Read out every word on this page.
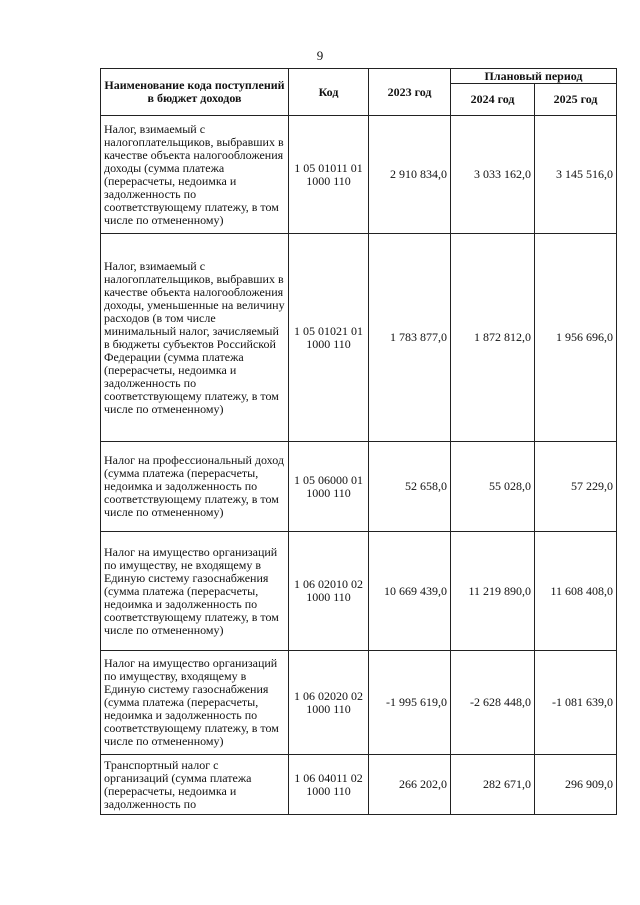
9
Наименование кода поступлений в бюджет доходов	Код	2023 год	Плановый период	
			2024 год	2025 год
Налог, взимаемый с налогоплательщиков, выбравших в качестве объекта налогообложения доходы (сумма платежа (перерасчеты, недоимка и задолженность по соответствующему платежу, в том числе по отмененному)	1 05 01011 01 1000 110	2 910 834,0	3 033 162,0	3 145 516,0
Налог, взимаемый с налогоплательщиков, выбравших в качестве объекта налогообложения доходы, уменьшенные на величину расходов (в том числе минимальный налог, зачисляемый в бюджеты субъектов Российской Федерации (сумма платежа (перерасчеты, недоимка и задолженность по соответствующему платежу, в том числе по отмененному)	1 05 01021 01 1000 110	1 783 877,0	1 872 812,0	1 956 696,0
Налог на профессиональный доход (сумма платежа (перерасчеты, недоимка и задолженность по соответствующему платежу, в том числе по отмененному)	1 05 06000 01 1000 110	52 658,0	55 028,0	57 229,0
Налог на имущество организаций по имуществу, не входящему в Единую систему газоснабжения (сумма платежа (перерасчеты, недоимка и задолженность по соответствующему платежу, в том числе по отмененному)	1 06 02010 02 1000 110	10 669 439,0	11 219 890,0	11 608 408,0
Налог на имущество организаций по имуществу, входящему в Единую систему газоснабжения (сумма платежа (перерасчеты, недоимка и задолженность по соответствующему платежу, в том числе по отмененному)	1 06 02020 02 1000 110	-1 995 619,0	-2 628 448,0	-1 081 639,0
Транспортный налог с организаций (сумма платежа (перерасчеты, недоимка и задолженность по	1 06 04011 02 1000 110	266 202,0	282 671,0	296 909,0
